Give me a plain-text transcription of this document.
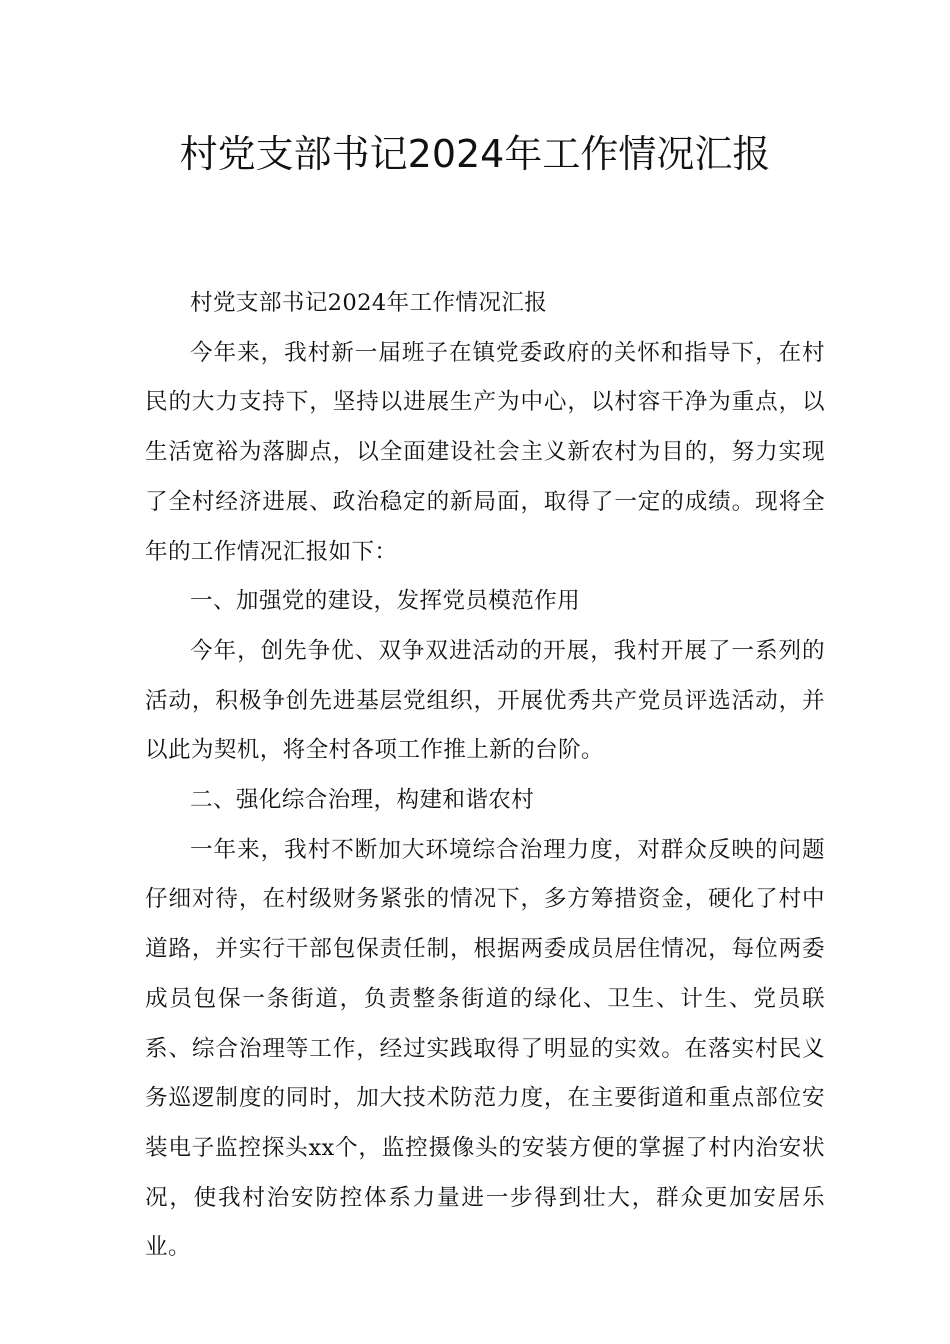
村党支部书记2024年工作情况汇报

村党支部书记2024年工作情况汇报

今年来，我村新一届班子在镇党委政府的关怀和指导下，在村民的大力支持下，坚持以进展生产为中心，以村容干净为重点，以生活宽裕为落脚点，以全面建设社会主义新农村为目的，努力实现了全村经济进展、政治稳定的新局面，取得了一定的成绩。现将全年的工作情况汇报如下：

一、加强党的建设，发挥党员模范作用

今年，创先争优、双争双进活动的开展，我村开展了一系列的活动，积极争创先进基层党组织，开展优秀共产党员评选活动，并以此为契机，将全村各项工作推上新的台阶。

二、强化综合治理，构建和谐农村

一年来，我村不断加大环境综合治理力度，对群众反映的问题仔细对待，在村级财务紧张的情况下，多方筹措资金，硬化了村中道路，并实行干部包保责任制，根据两委成员居住情况，每位两委成员包保一条街道，负责整条街道的绿化、卫生、计生、党员联系、综合治理等工作，经过实践取得了明显的实效。在落实村民义务巡逻制度的同时，加大技术防范力度，在主要街道和重点部位安装电子监控探头xx个，监控摄像头的安装方便的掌握了村内治安状况，使我村治安防控体系力量进一步得到壮大，群众更加安居乐业。
